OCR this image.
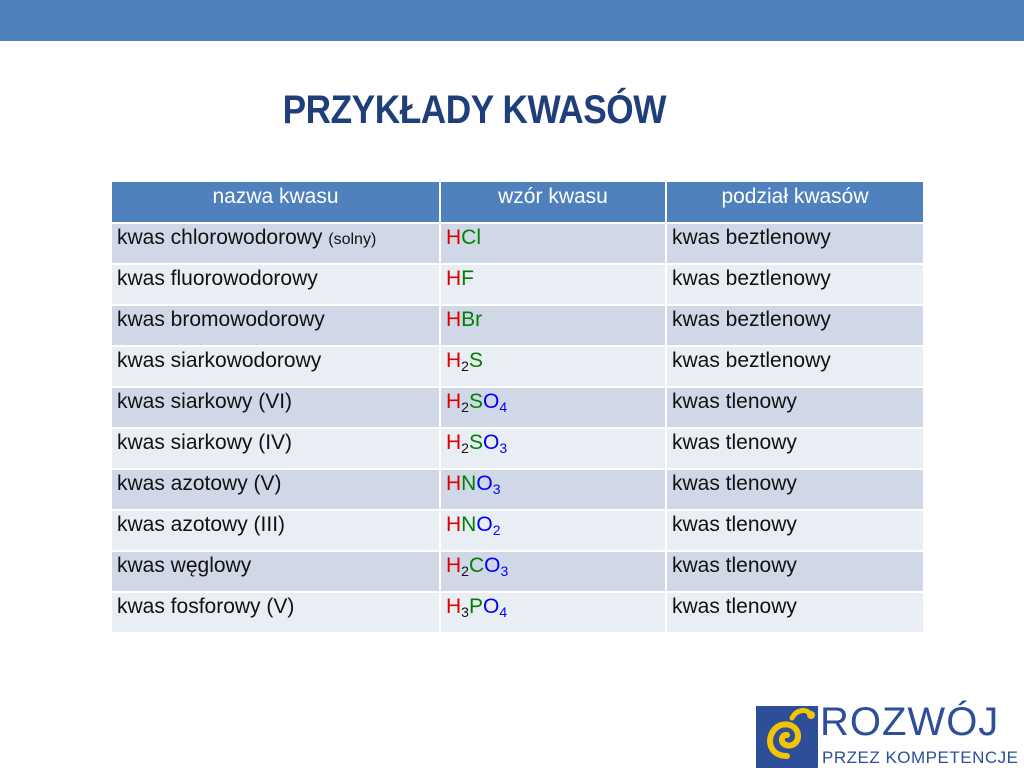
PRZYKŁADY KWASÓW
nazwa kwasu	wzór kwasu	podział kwasów
kwas chlorowodorowy (solny)	HCl	kwas beztlenowy
kwas fluorowodorowy	HF	kwas beztlenowy
kwas bromowodorowy	HBr	kwas beztlenowy
kwas siarkowodorowy	$H_2S$	kwas beztlenowy
kwas siarkowy (VI)	$H_2SO_4$	kwas tlenowy
kwas siarkowy (IV)	$H_2SO_3$	kwas tlenowy
kwas azotowy (V)	$HNO_3$	kwas tlenowy
kwas azotowy (III)	$HNO_2$	kwas tlenowy
kwas węglowy	$H_2CO_3$	kwas tlenowy
kwas fosforowy (V)	$H_3PO_4$	kwas tlenowy
ROZWÓJ
PRZEZ KOMPETENCJE
